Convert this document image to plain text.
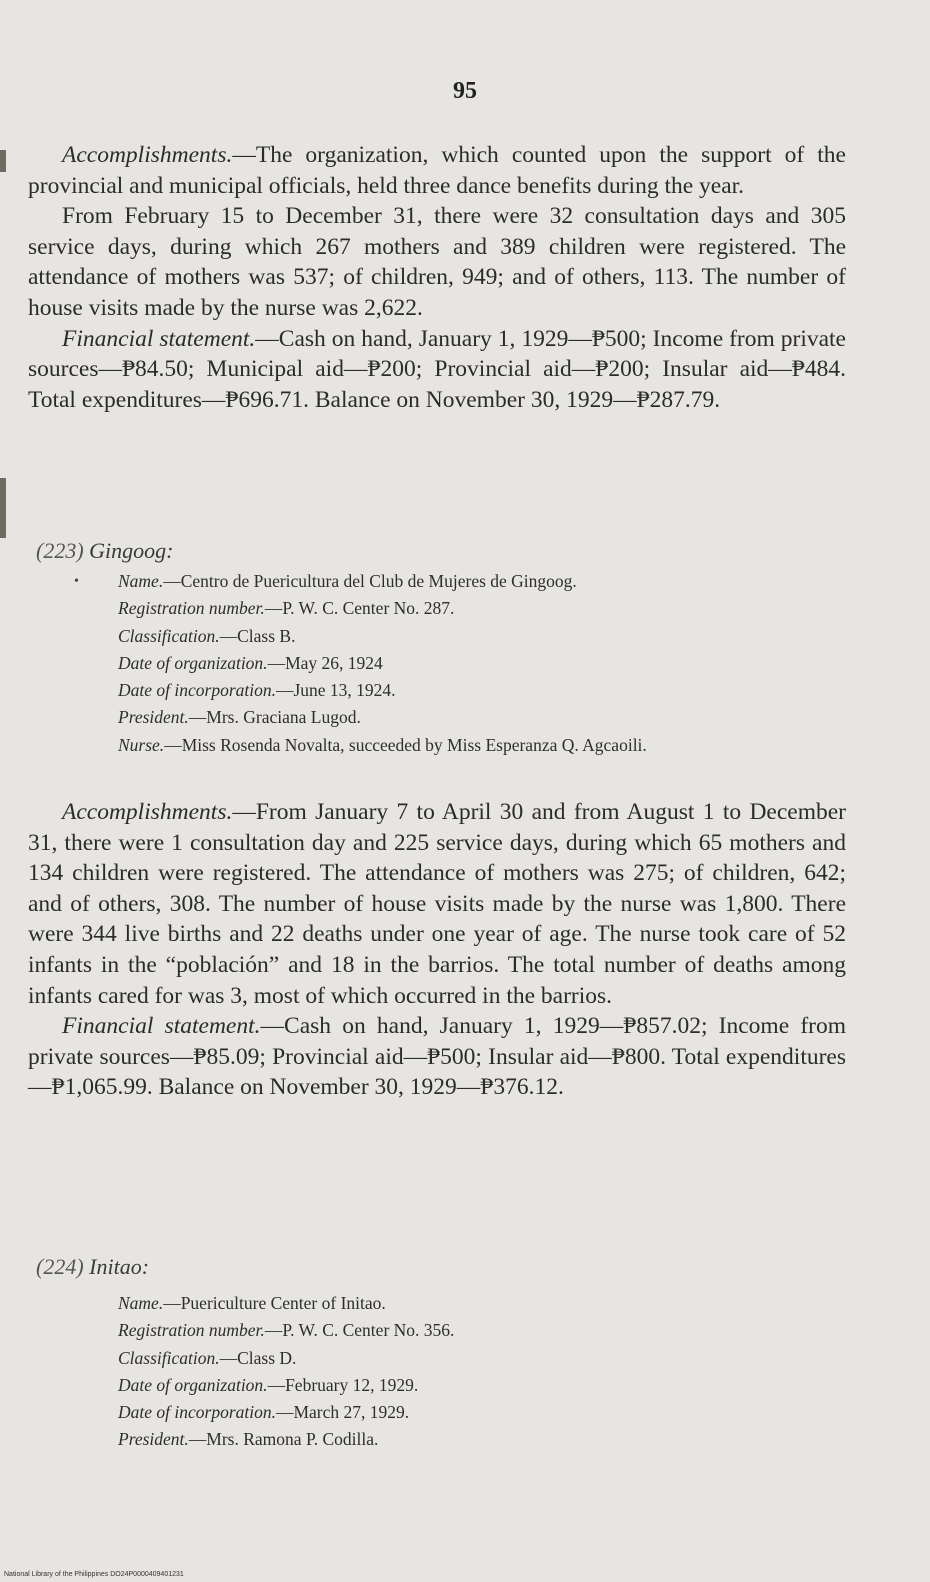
95

Accomplishments.—The organization, which counted upon the support of the provincial and municipal officials, held three dance benefits during the year.

From February 15 to December 31, there were 32 consultation days and 305 service days, during which 267 mothers and 389 children were registered. The attendance of mothers was 537; of children, 949; and of others, 113. The number of house visits made by the nurse was 2,622.

Financial statement.—Cash on hand, January 1, 1929—₱500; Income from private sources—₱84.50; Municipal aid—₱200; Provincial aid—₱200; Insular aid—₱484. Total expenditures—₱696.71. Balance on November 30, 1929—₱287.79.

(223) Gingoog:
• Name.—Centro de Puericultura del Club de Mujeres de Gingoog.
Registration number.—P. W. C. Center No. 287.
Classification.—Class B.
Date of organization.—May 26, 1924
Date of incorporation.—June 13, 1924.
President.—Mrs. Graciana Lugod.
Nurse.—Miss Rosenda Novalta, succeeded by Miss Esperanza Q. Agcaoili.

Accomplishments.—From January 7 to April 30 and from August 1 to December 31, there were 1 consultation day and 225 service days, during which 65 mothers and 134 children were registered. The attendance of mothers was 275; of children, 642; and of others, 308. The number of house visits made by the nurse was 1,800. There were 344 live births and 22 deaths under one year of age. The nurse took care of 52 infants in the “población” and 18 in the barrios. The total number of deaths among infants cared for was 3, most of which occurred in the barrios.

Financial statement.—Cash on hand, January 1, 1929—₱857.02; Income from private sources—₱85.09; Provincial aid—₱500; Insular aid—₱800. Total expenditures—₱1,065.99. Balance on November 30, 1929—₱376.12.

(224) Initao:
Name.—Puericulture Center of Initao.
Registration number.—P. W. C. Center No. 356.
Classification.—Class D.
Date of organization.—February 12, 1929.
Date of incorporation.—March 27, 1929.
President.—Mrs. Ramona P. Codilla.
National Library of the Philippines DO24P0000409401231
